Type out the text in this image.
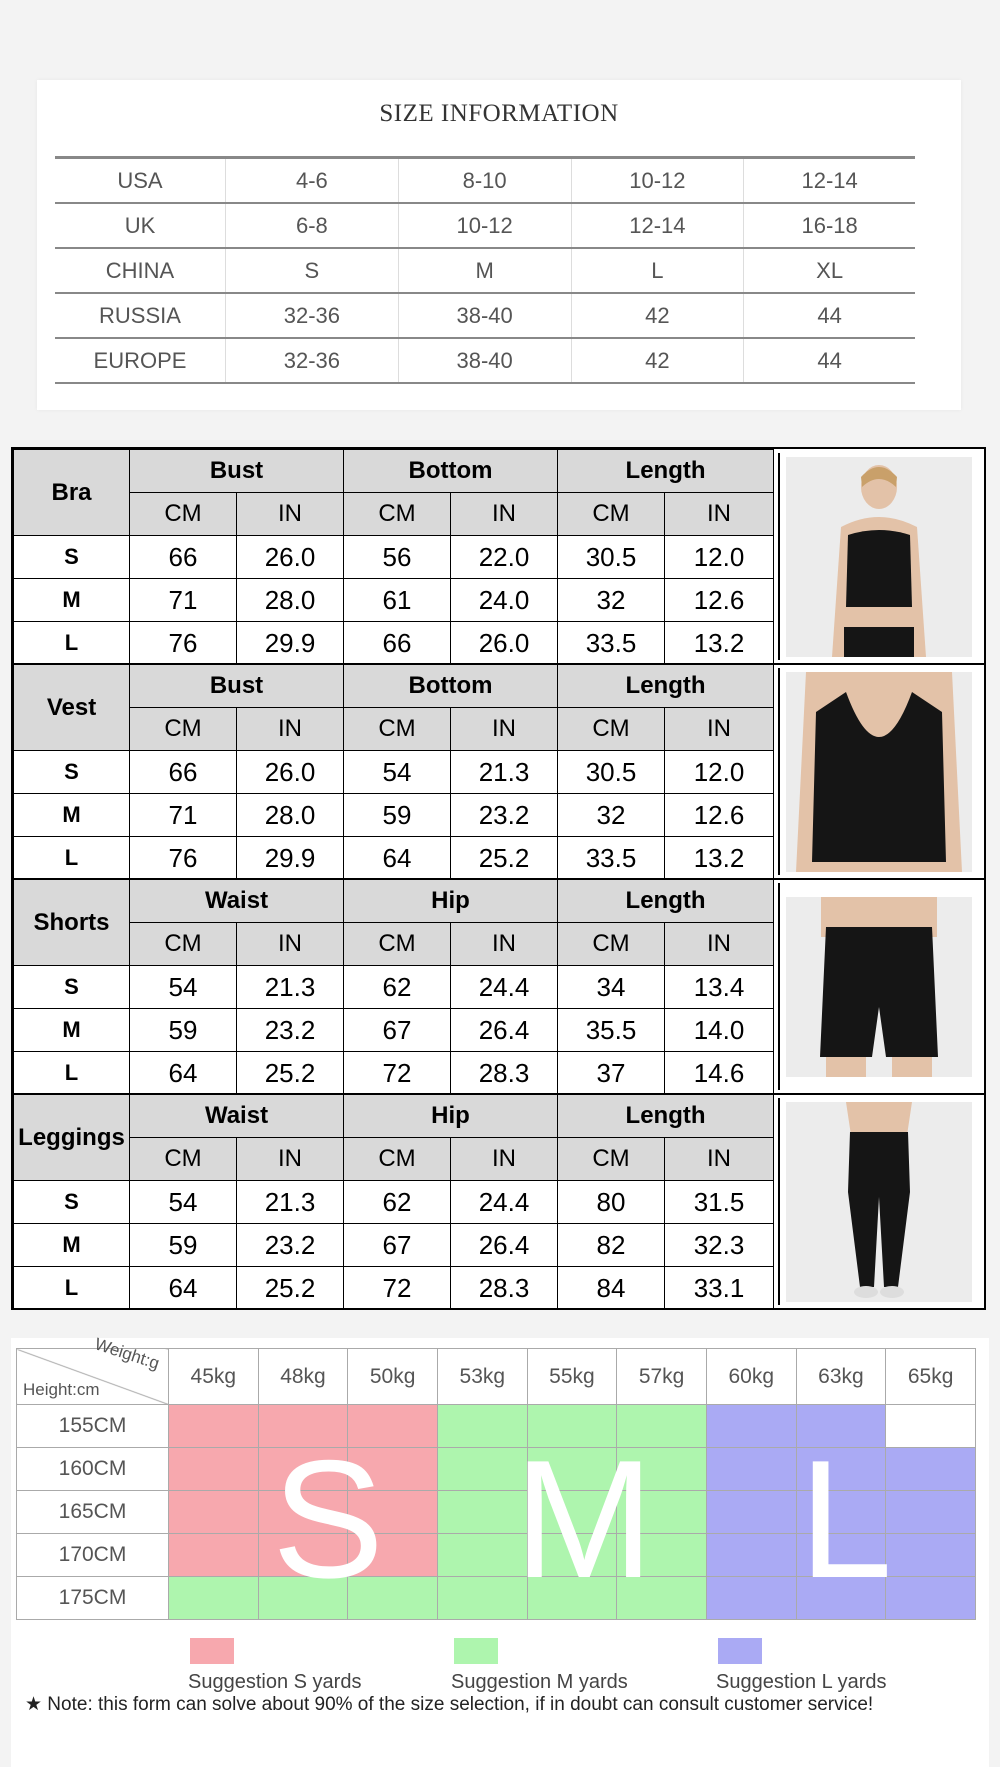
SIZE INFORMATION
USA	4-6	8-10	10-12	12-14
UK	6-8	10-12	12-14	16-18
CHINA	S	M	L	XL
RUSSIA	32-36	38-40	42	44
EUROPE	32-36	38-40	42	44
Bra	Bust		Bottom		Length	
	CM	IN	CM	IN	CM	IN
S	66	26.0	56	22.0	30.5	12.0
M	71	28.0	61	24.0	32	12.6
L	76	29.9	66	26.0	33.5	13.2
Vest	Bust		Bottom		Length	
	CM	IN	CM	IN	CM	IN
S	66	26.0	54	21.3	30.5	12.0
M	71	28.0	59	23.2	32	12.6
L	76	29.9	64	25.2	33.5	13.2
Shorts	Waist		Hip		Length	
	CM	IN	CM	IN	CM	IN
S	54	21.3	62	24.4	34	13.4
M	59	23.2	67	26.4	35.5	14.0
L	64	25.2	72	28.3	37	14.6
Leggings	Waist		Hip		Length	
	CM	IN	CM	IN	CM	IN
S	54	21.3	62	24.4	80	31.5
M	59	23.2	67	26.4	82	32.3
L	64	25.2	72	28.3	84	33.1
Weight:g
Height:cm	45kg	48kg	50kg	53kg	55kg	57kg	60kg	63kg	65kg
155CM									
160CM									
165CM									
170CM									
175CM									S M L
Suggestion S yards	Suggestion M yards	Suggestion L yards
★ Note: this form can solve about 90% of the size selection, if in doubt can consult customer service!
